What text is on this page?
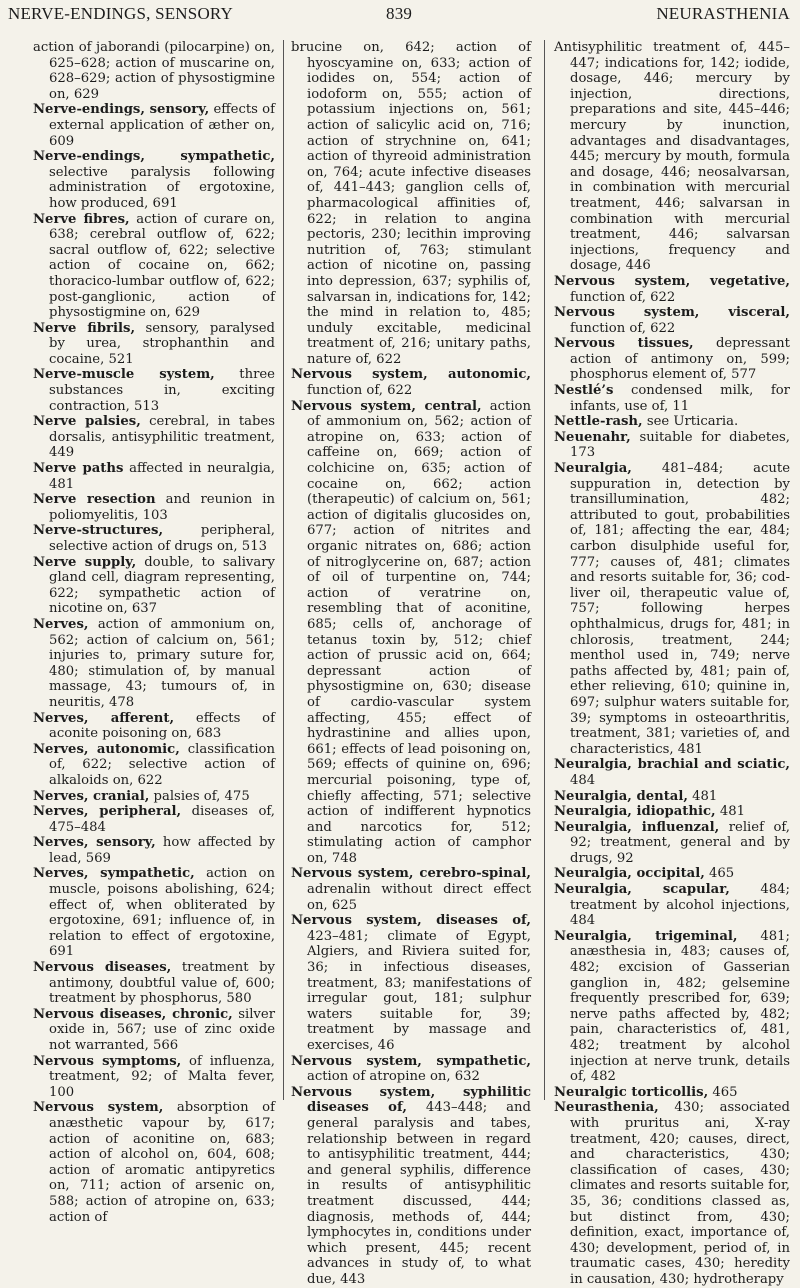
NERVE-ENDINGS, SENSORY	839	NEURASTHENIA

action of jaborandi (pilocarpine) on, 625–628; action of muscarine on, 628–629; action of physostigmine on, 629

Nerve-endings, sensory, effects of external application of æther on, 609

Nerve-endings, sympathetic, selective paralysis following administration of ergotoxine, how produced, 691

Nerve fibres, action of curare on, 638; cerebral outflow of, 622; sacral outflow of, 622; selective action of cocaine on, 662; thoracico-lumbar outflow of, 622; post-ganglionic, action of physostigmine on, 629

Nerve fibrils, sensory, paralysed by urea, strophanthin and cocaine, 521

Nerve-muscle system, three substances in, exciting contraction, 513

Nerve palsies, cerebral, in tabes dorsalis, antisyphilitic treatment, 449

Nerve paths affected in neuralgia, 481

Nerve resection and reunion in poliomyelitis, 103

Nerve-structures,	peripheral, selective action of drugs on, 513

Nerve supply, double, to salivary gland cell, diagram representing, 622; sympathetic action of nicotine on, 637

Nerves, action of ammonium on, 562; action of calcium on, 561; injuries to, primary suture for, 480; stimulation of, by manual massage, 43; tumours of, in neuritis, 478

Nerves, afferent, effects of aconite poisoning on, 683

Nerves, autonomic, classification of, 622; selective action of alkaloids on, 622

Nerves, cranial, palsies of, 475

Nerves, peripheral, diseases of, 475–484

Nerves, sensory, how affected by lead, 569

Nerves, sympathetic, action on muscle, poisons abolishing, 624; effect of, when obliterated by ergotoxine, 691; influence of, in relation to effect of ergotoxine, 691

Nervous diseases, treatment by antimony, doubtful value of, 600; treatment by phosphorus, 580

Nervous diseases, chronic, silver oxide in, 567; use of zinc oxide not warranted, 566

Nervous symptoms, of influenza, treatment, 92; of Malta fever, 100

Nervous system, absorption of anæsthetic vapour by, 617; action of aconitine on, 683; action of alcohol on, 604, 608; action of aromatic antipyretics on, 711; action of arsenic on, 588; action of atropine on, 633; action of

brucine on, 642; action of hyoscyamine on, 633; action of iodides on, 554; action of iodoform on, 555; action of potassium injections on, 561; action of salicylic acid on, 716; action of strychnine on, 641; action of thyreoid administration on, 764; acute infective diseases of, 441–443; ganglion cells of, pharmacological affinities of, 622; in relation to angina pectoris, 230; lecithin improving nutrition of, 763; stimulant action of nicotine on, passing into depression, 637; syphilis of, salvarsan in, indications for, 142; the mind in relation to, 485; unduly excitable, medicinal treatment of, 216; unitary paths, nature of, 622

Nervous system, autonomic, function of, 622

Nervous system, central, action of ammonium on, 562; action of atropine on, 633; action of caffeine on, 669; action of colchicine on, 635; action of cocaine on, 662; action (therapeutic) of calcium on, 561; action of digitalis glucosides on, 677; action of nitrites and organic nitrates on, 686; action of nitroglycerine on, 687; action of oil of turpentine on, 744; action of veratrine on, resembling that of aconitine, 685; cells of, anchorage of tetanus toxin by, 512; chief action of prussic acid on, 664; depressant action of physostigmine on, 630; disease of cardio-vascular system affecting, 455; effect of hydrastinine and allies upon, 661; effects of lead poisoning on, 569; effects of quinine on, 696; mercurial poisoning, type of, chiefly affecting, 571; selective action of indifferent hypnotics and narcotics for, 512; stimulating action of camphor on, 748

Nervous system, cerebro-spinal, adrenalin without direct effect on, 625

Nervous system, diseases of, 423–481; climate of Egypt, Algiers, and Riviera suited for, 36; in infectious diseases, treatment, 83; manifestations of irregular gout, 181; sulphur waters suitable for, 39; treatment by massage and exercises, 46

Nervous system, sympathetic, action of atropine on, 632

Nervous system, syphilitic diseases of, 443–448; and general paralysis and tabes, relationship between in regard to antisyphilitic treatment, 444; and general syphilis, difference in results of antisyphilitic treatment discussed, 444; diagnosis, methods of, 444; lymphocytes in, conditions under which present, 445; recent advances in study of, to what due, 443

Antisyphilitic treatment of, 445–447; indications for, 142; iodide, dosage, 446; mercury by injection, directions, preparations and site, 445–446; mercury by inunction, advantages and disadvantages, 445; mercury by mouth, formula and dosage, 446; neosalvarsan, in combination with mercurial treatment, 446; salvarsan in combination with mercurial treatment, 446; salvarsan injections, frequency and dosage, 446

Nervous system, vegetative, function of, 622

Nervous system, visceral, function of, 622

Nervous tissues, depressant action of antimony on, 599; phosphorus element of, 577

Nestlé’s condensed milk, for infants, use of, 11

Nettle-rash, see Urticaria.

Neuenahr, suitable for diabetes, 173

Neuralgia, 481–484; acute suppuration in, detection by transillumination, 482; attributed to gout, probabilities of, 181; affecting the ear, 484; carbon disulphide useful for, 777; causes of, 481; climates and resorts suitable for, 36; cod-liver oil, therapeutic value of, 757; following herpes ophthalmicus, drugs for, 481; in chlorosis, treatment, 244; menthol used in, 749; nerve paths affected by, 481; pain of, ether relieving, 610; quinine in, 697; sulphur waters suitable for, 39; symptoms in osteoarthritis, treatment, 381; varieties of, and characteristics, 481

Neuralgia, brachial and sciatic, 484

Neuralgia, dental, 481

Neuralgia, idiopathic, 481

Neuralgia, influenzal, relief of, 92; treatment, general and by drugs, 92

Neuralgia, occipital, 465

Neuralgia, scapular, 484; treatment by alcohol injections, 484

Neuralgia, trigeminal, 481; anæsthesia in, 483; causes of, 482; excision of Gasserian ganglion in, 482; gelsemine frequently prescribed for, 639; nerve paths affected by, 482; pain, characteristics of, 481, 482; treatment by alcohol injection at nerve trunk, details of, 482

Neuralgic torticollis, 465

Neurasthenia, 430; associated with pruritus ani, X-ray treatment, 420; causes, direct, and characteristics, 430; classification of cases, 430; climates and resorts suitable for, 35, 36; conditions classed as, but distinct from, 430; definition, exact, importance of, 430; development, period of, in traumatic cases, 430; heredity in causation, 430; hydrotherapy
